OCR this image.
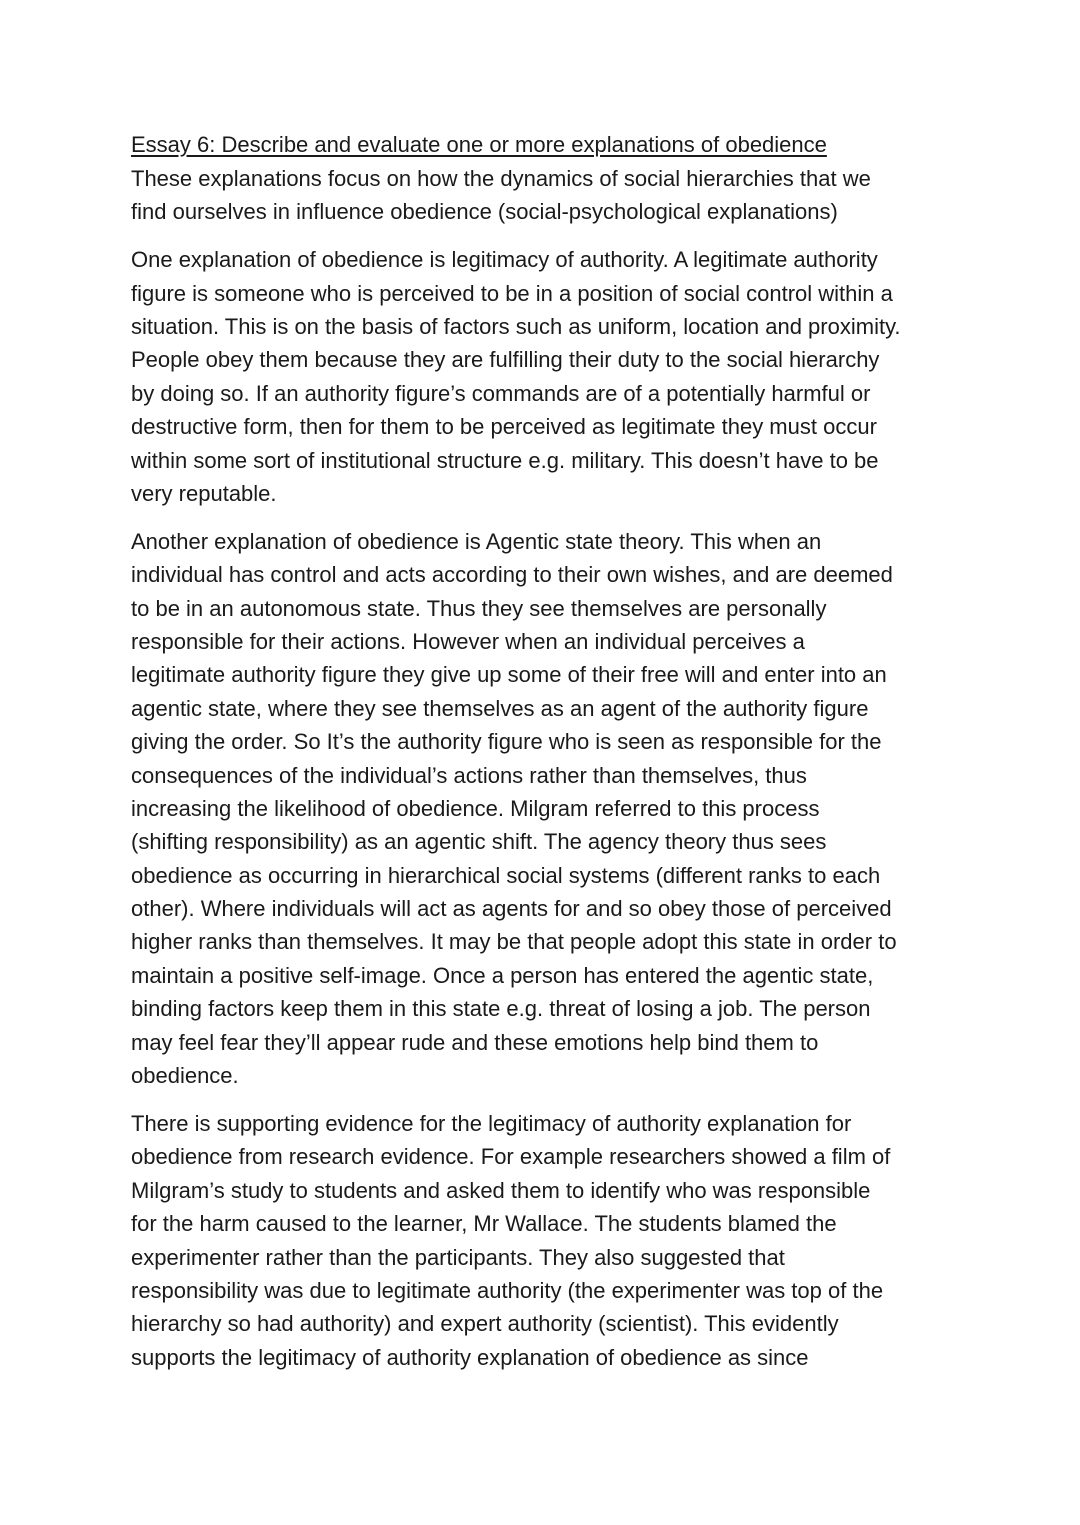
Essay 6: Describe and evaluate one or more explanations of obedience
These explanations focus on how the dynamics of social hierarchies that we
find ourselves in influence obedience (social-psychological explanations)
One explanation of obedience is legitimacy of authority. A legitimate authority
figure is someone who is perceived to be in a position of social control within a
situation. This is on the basis of factors such as uniform, location and proximity.
People obey them because they are fulfilling their duty to the social hierarchy
by doing so. If an authority figure’s commands are of a potentially harmful or
destructive form, then for them to be perceived as legitimate they must occur
within some sort of institutional structure e.g. military. This doesn’t have to be
very reputable.
Another explanation of obedience is Agentic state theory. This when an
individual has control and acts according to their own wishes, and are deemed
to be in an autonomous state. Thus they see themselves are personally
responsible for their actions. However when an individual perceives a
legitimate authority figure they give up some of their free will and enter into an
agentic state, where they see themselves as an agent of the authority figure
giving the order. So It’s the authority figure who is seen as responsible for the
consequences of the individual’s actions rather than themselves, thus
increasing the likelihood of obedience. Milgram referred to this process
(shifting responsibility) as an agentic shift. The agency theory thus sees
obedience as occurring in hierarchical social systems (different ranks to each
other). Where individuals will act as agents for and so obey those of perceived
higher ranks than themselves. It may be that people adopt this state in order to
maintain a positive self-image. Once a person has entered the agentic state,
binding factors keep them in this state e.g. threat of losing a job. The person
may feel fear they’ll appear rude and these emotions help bind them to
obedience.
There is supporting evidence for the legitimacy of authority explanation for
obedience from research evidence. For example researchers showed a film of
Milgram’s study to students and asked them to identify who was responsible
for the harm caused to the learner, Mr Wallace. The students blamed the
experimenter rather than the participants. They also suggested that
responsibility was due to legitimate authority (the experimenter was top of the
hierarchy so had authority) and expert authority (scientist). This evidently
supports the legitimacy of authority explanation of obedience as since
